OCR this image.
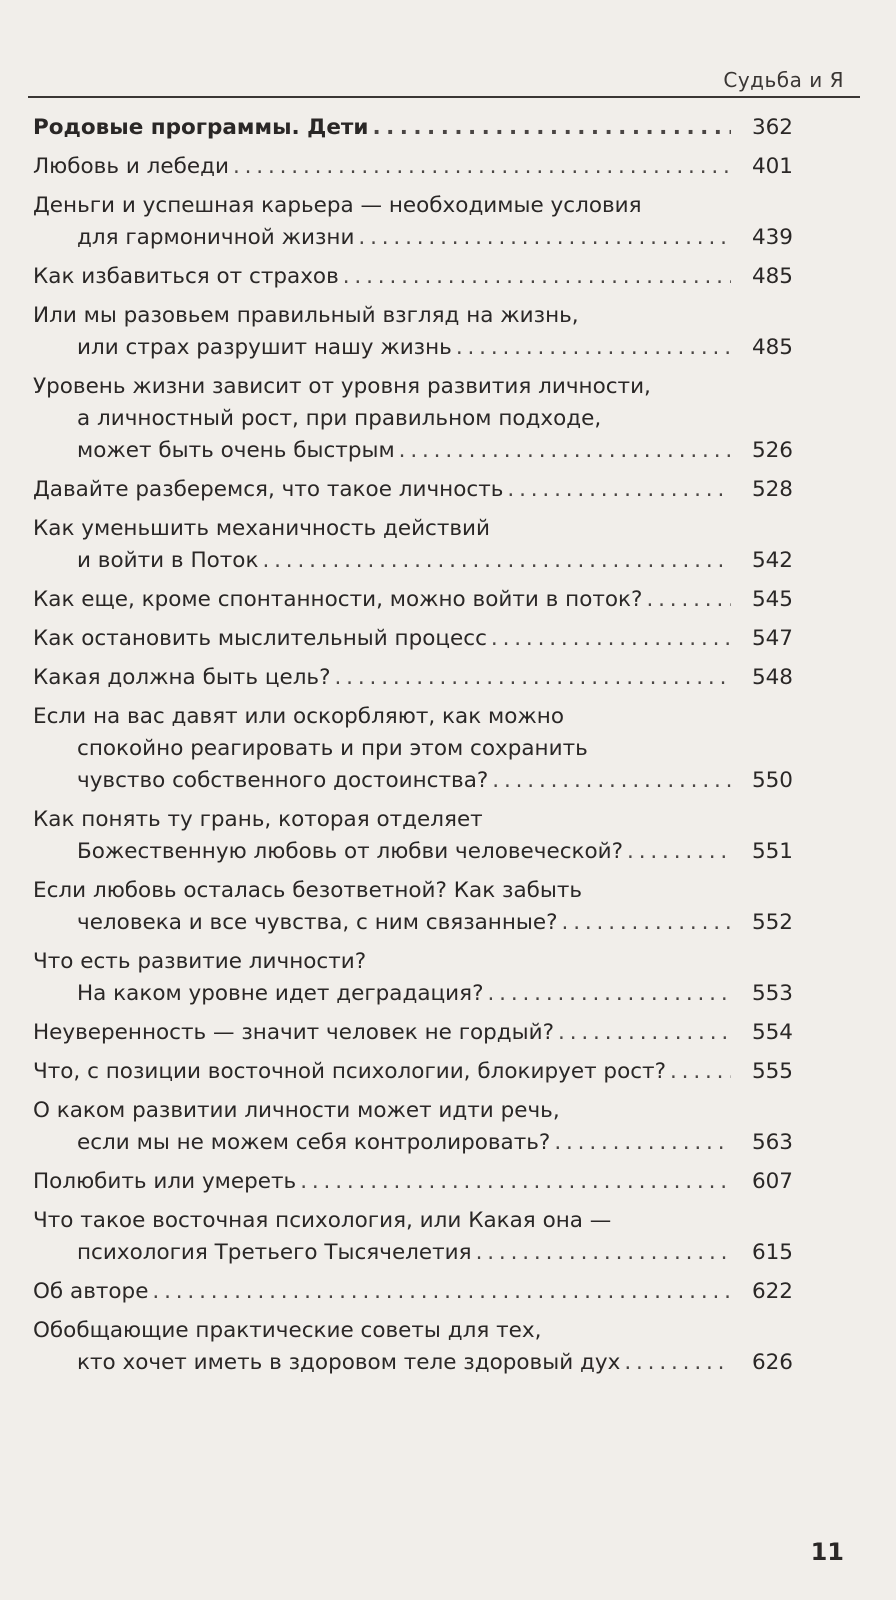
Судьба и Я
Родовые программы. Дети . . .	362
Любовь и лебеди . . .	401
Деньги и успешная карьера — необходимые условия
для гармоничной жизни . . .	439
Как избавиться от страхов . . .	485
Или мы разовьем правильный взгляд на жизнь,
или страх разрушит нашу жизнь . . .	485
Уровень жизни зависит от уровня развития личности,
а личностный рост, при правильном подходе,
может быть очень быстрым . . .	526
Давайте разберемся, что такое личность . . .	528
Как уменьшить механичность действий
и войти в Поток . . .	542
Как еще, кроме спонтанности, можно войти в поток? . . .	545
Как остановить мыслительный процесс . . .	547
Какая должна быть цель? . . .	548
Если на вас давят или оскорбляют, как можно
спокойно реагировать и при этом сохранить
чувство собственного достоинства? . . .	550
Как понять ту грань, которая отделяет
Божественную любовь от любви человеческой? . . .	551
Если любовь осталась безответной? Как забыть
человека и все чувства, с ним связанные? . . .	552
Что есть развитие личности?
На каком уровне идет деградация? . . .	553
Неуверенность — значит человек не гордый? . . .	554
Что, с позиции восточной психологии, блокирует рост? . . .	555
О каком развитии личности может идти речь,
если мы не можем себя контролировать? . . .	563
Полюбить или умереть . . .	607
Что такое восточная психология, или Какая она —
психология Третьего Тысячелетия . . .	615
Об авторе . . .	622
Обобщающие практические советы для тех,
кто хочет иметь в здоровом теле здоровый дух . . .	626
11
